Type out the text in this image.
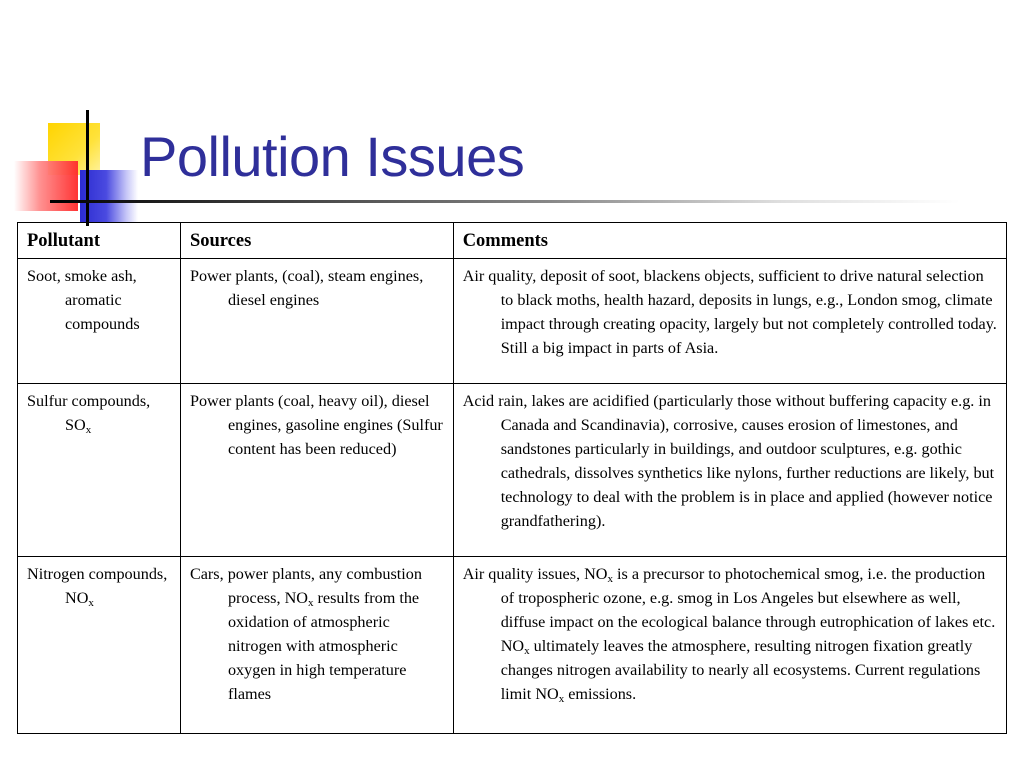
Pollution Issues
Pollutant	Sources	Comments

Soot, smoke ash, aromatic compounds	Power plants, (coal), steam engines, diesel engines	Air quality, deposit of soot, blackens objects, sufficient to drive natural selection to black moths, health hazard, deposits in lungs, e.g., London smog, climate impact through creating opacity, largely but not completely controlled today. Still a big impact in parts of Asia.

Sulfur compounds, $SO_x$	Power plants (coal, heavy oil), diesel engines, gasoline engines (Sulfur content has been reduced)	Acid rain, lakes are acidified (particularly those without buffering capacity e.g. in Canada and Scandinavia), corrosive, causes erosion of limestones, and sandstones particularly in buildings, and outdoor sculptures, e.g. gothic cathedrals, dissolves synthetics like nylons, further reductions are likely, but technology to deal with the problem is in place and applied (however notice grandfathering).

Nitrogen compounds, $NO_x$	Cars, power plants, any combustion process, $NO_x$ results from the oxidation of atmospheric nitrogen with atmospheric oxygen in high temperature flames	Air quality issues, $NO_x$ is a precursor to photochemical smog, i.e. the production of tropospheric ozone, e.g. smog in Los Angeles but elsewhere as well, diffuse impact on the ecological balance through eutrophication of lakes etc. $NO_x$ ultimately leaves the atmosphere, resulting nitrogen fixation greatly changes nitrogen availability to nearly all ecosystems. Current regulations limit $NO_x$ emissions.
